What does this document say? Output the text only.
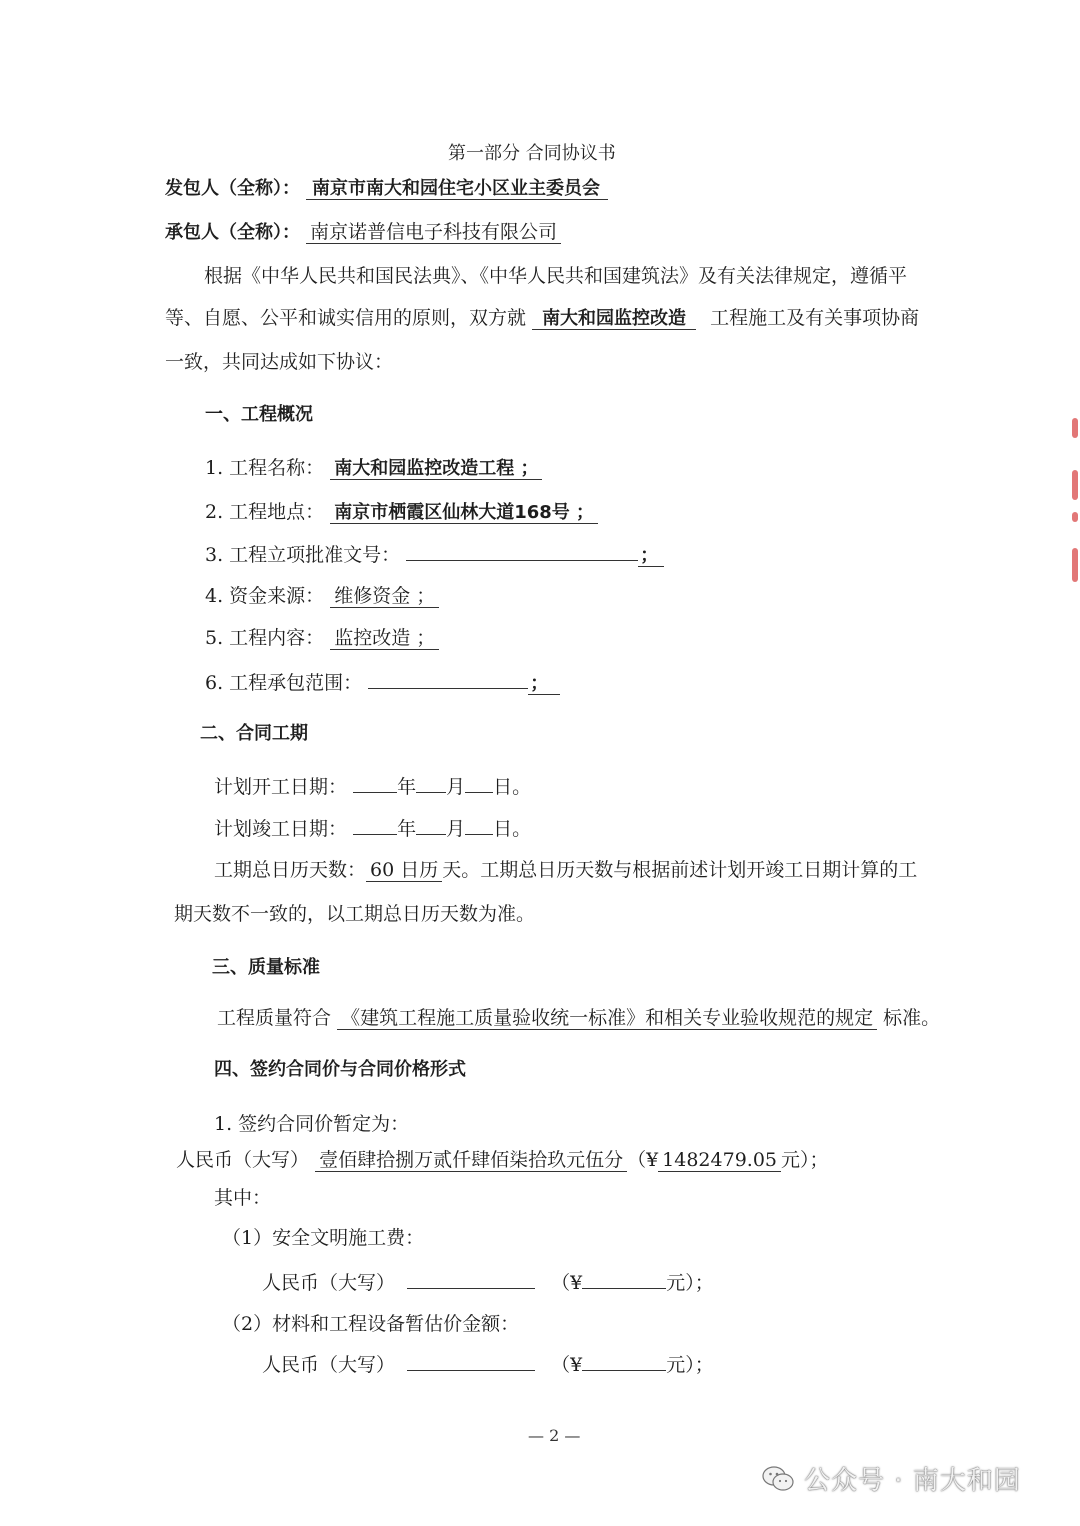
第一部分 合同协议书
发包人（全称）： 南京市南大和园住宅小区业主委员会
承包人（全称）： 南京诺普信电子科技有限公司
根据《中华人民共和国民法典》、《中华人民共和国建筑法》及有关法律规定，遵循平
等、自愿、公平和诚实信用的原则，双方就 南大和园监控改造 工程施工及有关事项协商
一致，共同达成如下协议：
一、工程概况
1. 工程名称： 南大和园监控改造工程 ；
2. 工程地点： 南京市栖霞区仙林大道168号 ；
3. 工程立项批准文号：	；
4. 资金来源： 维修资金 ；
5. 工程内容： 监控改造 ；
6. 工程承包范围：	；
二、合同工期
计划开工日期：	年 月 日。
计划竣工日期：	年 月 日。
工期总日历天数： 60 日历 天。工期总日历天数与根据前述计划开竣工日期计算的工
期天数不一致的，以工期总日历天数为准。
三、质量标准
工程质量符合 《建筑工程施工质量验收统一标准》和相关专业验收规范的规定 标准。
四、签约合同价与合同价格形式
1. 签约合同价暂定为：
人民币（大写） 壹佰肆拾捌万贰仟肆佰柒拾玖元伍分 （¥ 1482479.05 元）；
其中：
（1）安全文明施工费：
人民币（大写）	（¥	元）；
（2）材料和工程设备暂估价金额：
人民币（大写）	（¥	元）；
— 2 —
公众号 · 南大和园
